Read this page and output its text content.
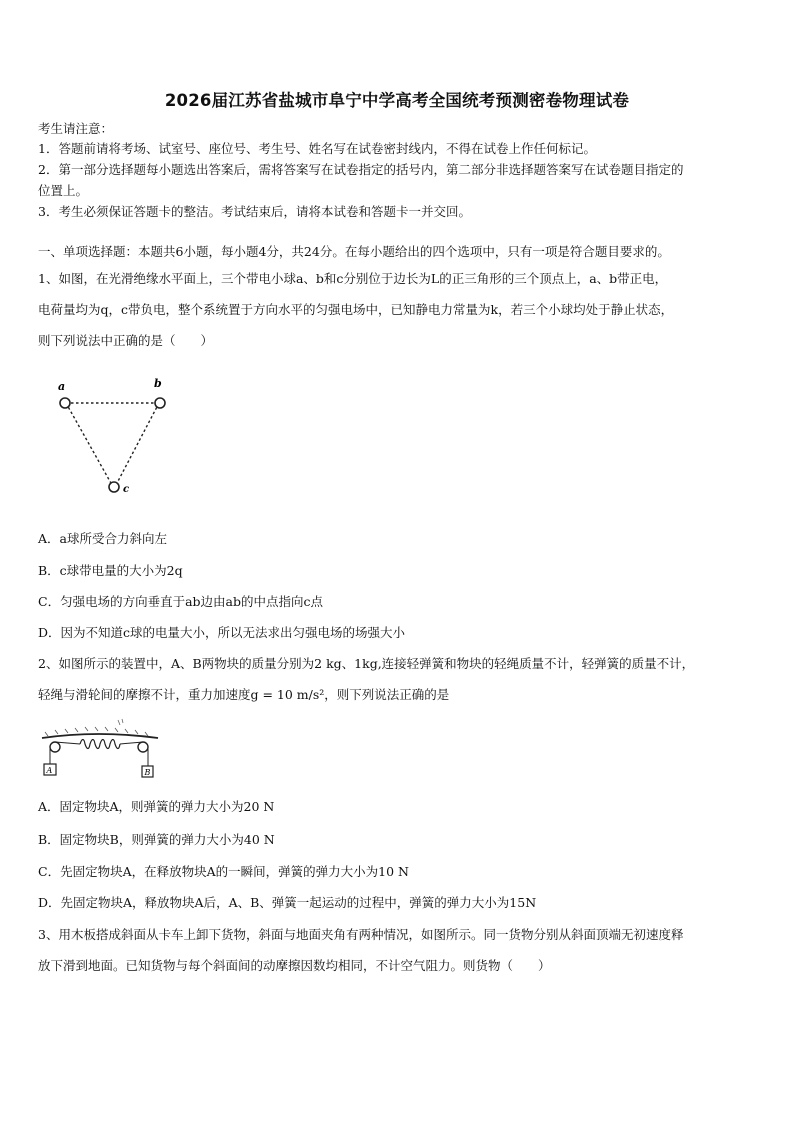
2026届江苏省盐城市阜宁中学高考全国统考预测密卷物理试卷
考生请注意：
1．答题前请将考场、试室号、座位号、考生号、姓名写在试卷密封线内，不得在试卷上作任何标记。
2．第一部分选择题每小题选出答案后，需将答案写在试卷指定的括号内，第二部分非选择题答案写在试卷题目指定的
位置上。
3．考生必须保证答题卡的整洁。考试结束后，请将本试卷和答题卡一并交回。
一、单项选择题：本题共6小题，每小题4分，共24分。在每小题给出的四个选项中，只有一项是符合题目要求的。
1、如图，在光滑绝缘水平面上，三个带电小球a、b和c分别位于边长为L的正三角形的三个顶点上，a、b带正电，
电荷量均为q，c带负电，整个系统置于方向水平的匀强电场中，已知静电力常量为k，若三个小球均处于静止状态，
则下列说法中正确的是（　　）
a	b
c
A．a球所受合力斜向左
B．c球带电量的大小为2q
C．匀强电场的方向垂直于ab边由ab的中点指向c点
D．因为不知道c球的电量大小，所以无法求出匀强电场的场强大小
2、如图所示的装置中，A、B两物块的质量分别为2 kg、1kg,连接轻弹簧和物块的轻绳质量不计，轻弹簧的质量不计，
轻绳与滑轮间的摩擦不计，重力加速度g = 10 m/s²，则下列说法正确的是
A	B
A．固定物块A，则弹簧的弹力大小为20 N
B．固定物块B，则弹簧的弹力大小为40 N
C．先固定物块A，在释放物块A的一瞬间，弹簧的弹力大小为10 N
D．先固定物块A，释放物块A后，A、B、弹簧一起运动的过程中，弹簧的弹力大小为15N
3、用木板搭成斜面从卡车上卸下货物，斜面与地面夹角有两种情况，如图所示。同一货物分别从斜面顶端无初速度释
放下滑到地面。已知货物与每个斜面间的动摩擦因数均相同，不计空气阻力。则货物（　　）
